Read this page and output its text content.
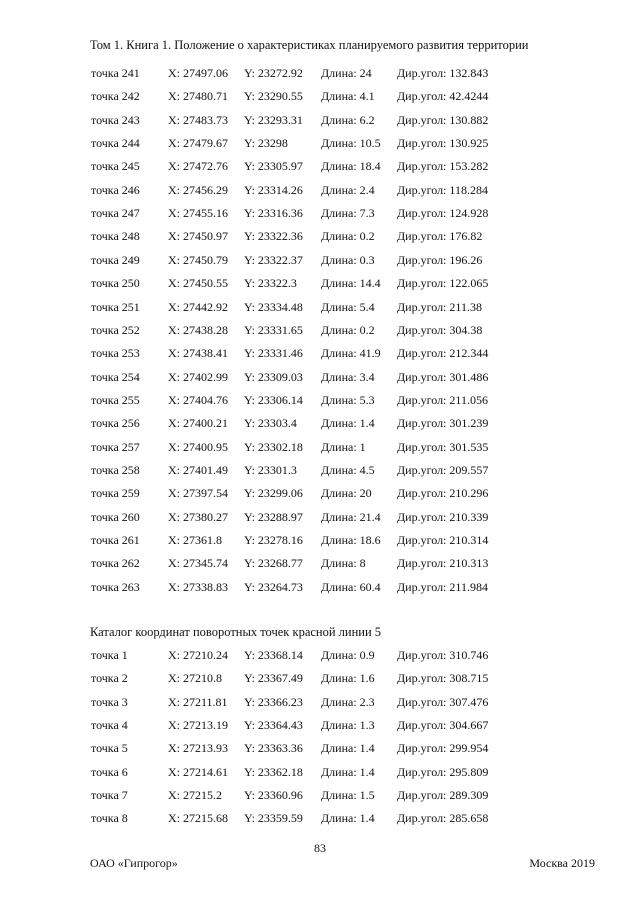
Том 1. Книга 1. Положение о характеристиках планируемого развития территории
точка 241 X: 27497.06 Y: 23272.92 Длина: 24 Дир.угол: 132.843
точка 242 X: 27480.71 Y: 23290.55 Длина: 4.1 Дир.угол: 42.4244
точка 243 X: 27483.73 Y: 23293.31 Длина: 6.2 Дир.угол: 130.882
точка 244 X: 27479.67 Y: 23298	Длина: 10.5 Дир.угол: 130.925
точка 245 X: 27472.76 Y: 23305.97 Длина: 18.4 Дир.угол: 153.282
точка 246 X: 27456.29 Y: 23314.26 Длина: 2.4 Дир.угол: 118.284
точка 247 X: 27455.16 Y: 23316.36 Длина: 7.3 Дир.угол: 124.928
точка 248 X: 27450.97 Y: 23322.36 Длина: 0.2 Дир.угол: 176.82
точка 249 X: 27450.79 Y: 23322.37 Длина: 0.3 Дир.угол: 196.26
точка 250 X: 27450.55 Y: 23322.3 Длина: 14.4 Дир.угол: 122.065
точка 251 X: 27442.92 Y: 23334.48 Длина: 5.4 Дир.угол: 211.38
точка 252 X: 27438.28 Y: 23331.65 Длина: 0.2 Дир.угол: 304.38
точка 253 X: 27438.41 Y: 23331.46 Длина: 41.9 Дир.угол: 212.344
точка 254 X: 27402.99 Y: 23309.03 Длина: 3.4 Дир.угол: 301.486
точка 255 X: 27404.76 Y: 23306.14 Длина: 5.3 Дир.угол: 211.056
точка 256 X: 27400.21 Y: 23303.4 Длина: 1.4 Дир.угол: 301.239
точка 257 X: 27400.95 Y: 23302.18 Длина: 1	Дир.угол: 301.535
точка 258 X: 27401.49 Y: 23301.3 Длина: 4.5 Дир.угол: 209.557
точка 259 X: 27397.54 Y: 23299.06 Длина: 20 Дир.угол: 210.296
точка 260 X: 27380.27 Y: 23288.97 Длина: 21.4 Дир.угол: 210.339
точка 261 X: 27361.8 Y: 23278.16 Длина: 18.6 Дир.угол: 210.314
точка 262 X: 27345.74 Y: 23268.77 Длина: 8	Дир.угол: 210.313
точка 263 X: 27338.83 Y: 23264.73 Длина: 60.4 Дир.угол: 211.984
Каталог координат поворотных точек красной линии 5
точка 1	X: 27210.24 Y: 23368.14 Длина: 0.9 Дир.угол: 310.746
точка 2	X: 27210.8 Y: 23367.49 Длина: 1.6 Дир.угол: 308.715
точка 3	X: 27211.81 Y: 23366.23 Длина: 2.3 Дир.угол: 307.476
точка 4	X: 27213.19 Y: 23364.43 Длина: 1.3 Дир.угол: 304.667
точка 5	X: 27213.93 Y: 23363.36 Длина: 1.4 Дир.угол: 299.954
точка 6	X: 27214.61 Y: 23362.18 Длина: 1.4 Дир.угол: 295.809
точка 7	X: 27215.2 Y: 23360.96 Длина: 1.5 Дир.угол: 289.309
точка 8	X: 27215.68 Y: 23359.59 Длина: 1.4 Дир.угол: 285.658
83
ОАО «Гипрогор»	Москва 2019
